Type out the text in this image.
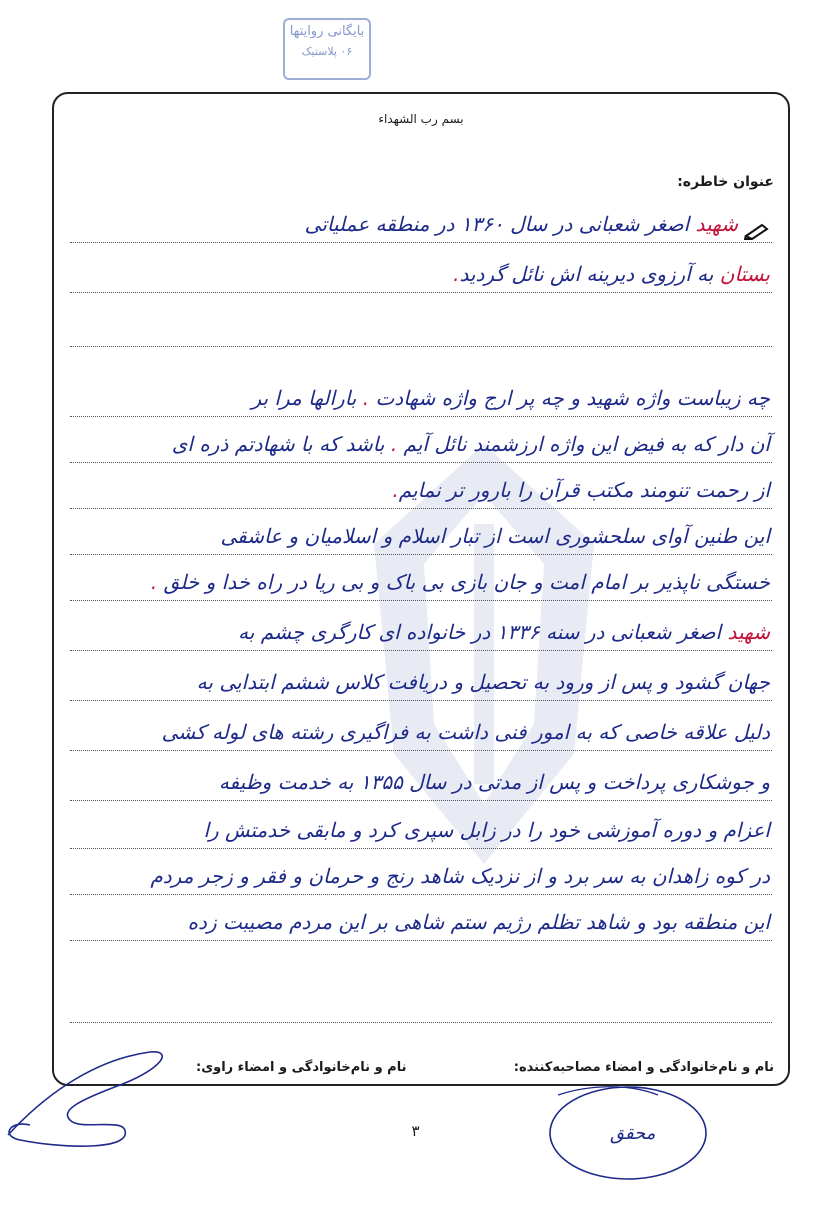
بایگانی روایتها
۰۶ پلاستیک
بسم رب الشهداء
عنوان خاطره:
شهید اصغر شعبانی در سال ۱۳۶۰ در منطقه عملیاتی
بستان به آرزوی دیرینه اش نائل گردید.
چه زیباست واژه شهید و چه پر ارج واژه شهادت . بارالها مرا بر
آن دار که به فیض این واژه ارزشمند نائل آیم . باشد که با شهادتم ذره ای
از رحمت تنومند مکتب قرآن را بارور تر نمایم.
این طنین آوای سلحشوری است از تبار اسلام و اسلامیان و عاشقی
خستگی ناپذیر بر امام امت و جان بازی بی باک و بی ریا در راه خدا و خلق .
شهید اصغر شعبانی در سنه ۱۳۳۶ در خانواده ای کارگری چشم به
جهان گشود و پس از ورود به تحصیل و دریافت کلاس ششم ابتدایی به
دلیل علاقه خاصی که به امور فنی داشت به فراگیری رشته های لوله کشی
و جوشکاری پرداخت و پس از مدتی در سال ۱۳۵۵ به خدمت وظیفه
اعزام و دوره آموزشی خود را در زابل سپری کرد و مابقی خدمتش را
در کوه زاهدان به سر برد و از نزدیک شاهد رنج و حرمان و فقر و زجر مردم
این منطقه بود و شاهد تظلم رژیم ستم شاهی بر این مردم مصیبت زده
نام و نام‌خانوادگی و امضاء مصاحبه‌کننده:
نام و نام‌خانوادگی و امضاء راوی:
محقق
۳
